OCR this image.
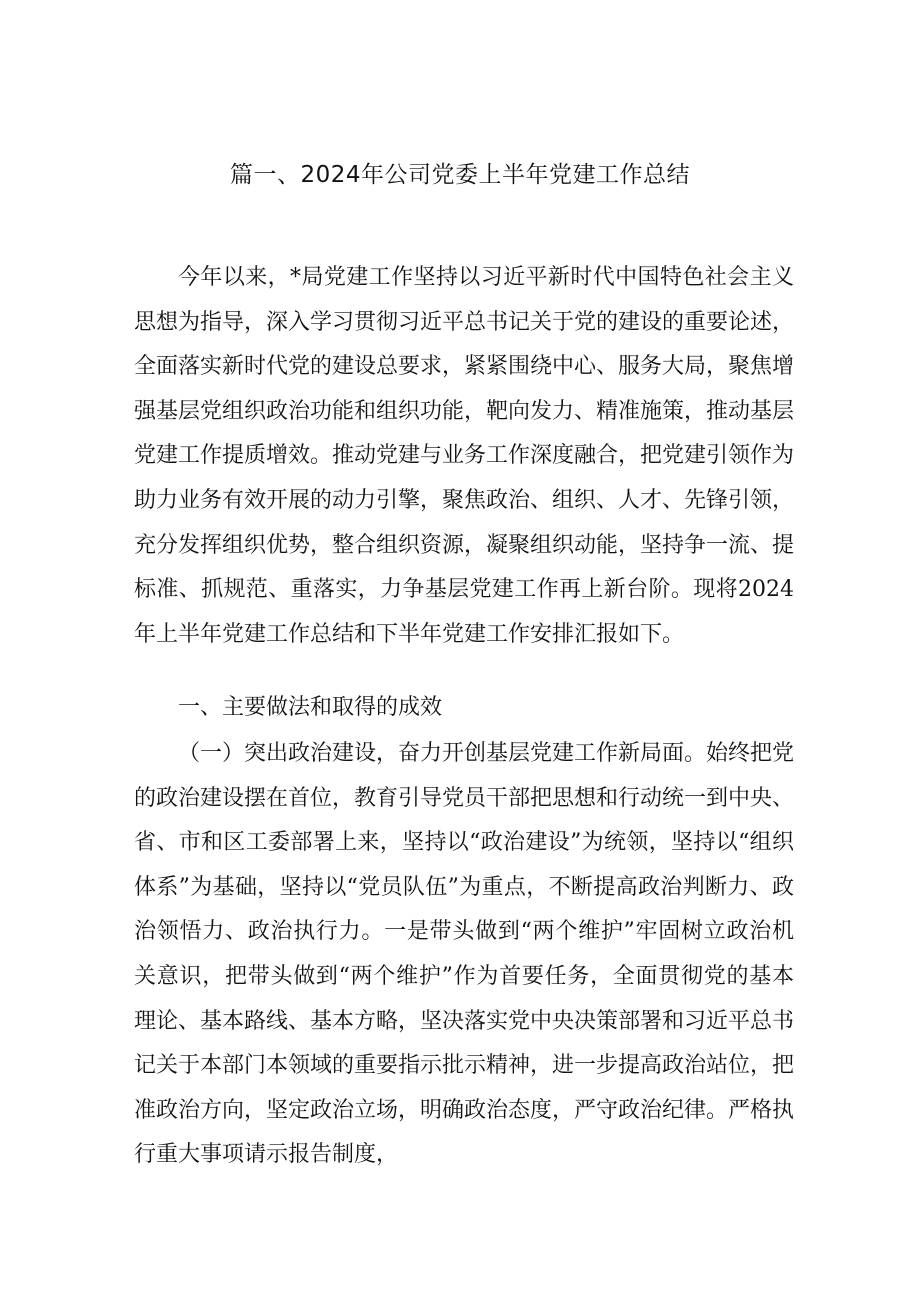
篇一、2024年公司党委上半年党建工作总结

今年以来，*局党建工作坚持以习近平新时代中国特色社会主义思想为指导，深入学习贯彻习近平总书记关于党的建设的重要论述，全面落实新时代党的建设总要求，紧紧围绕中心、服务大局，聚焦增强基层党组织政治功能和组织功能，靶向发力、精准施策，推动基层党建工作提质增效。推动党建与业务工作深度融合，把党建引领作为助力业务有效开展的动力引擎，聚焦政治、组织、人才、先锋引领，充分发挥组织优势，整合组织资源，凝聚组织动能，坚持争一流、提标准、抓规范、重落实，力争基层党建工作再上新台阶。现将2024年上半年党建工作总结和下半年党建工作安排汇报如下。

一、主要做法和取得的成效

（一）突出政治建设，奋力开创基层党建工作新局面。始终把党的政治建设摆在首位，教育引导党员干部把思想和行动统一到中央、省、市和区工委部署上来，坚持以“政治建设”为统领，坚持以“组织体系”为基础，坚持以“党员队伍”为重点，不断提高政治判断力、政治领悟力、政治执行力。一是带头做到“两个维护”牢固树立政治机关意识，把带头做到“两个维护”作为首要任务，全面贯彻党的基本理论、基本路线、基本方略，坚决落实党中央决策部署和习近平总书记关于本部门本领域的重要指示批示精神，进一步提高政治站位，把准政治方向，坚定政治立场，明确政治态度，严守政治纪律。严格执行重大事项请示报告制度，
